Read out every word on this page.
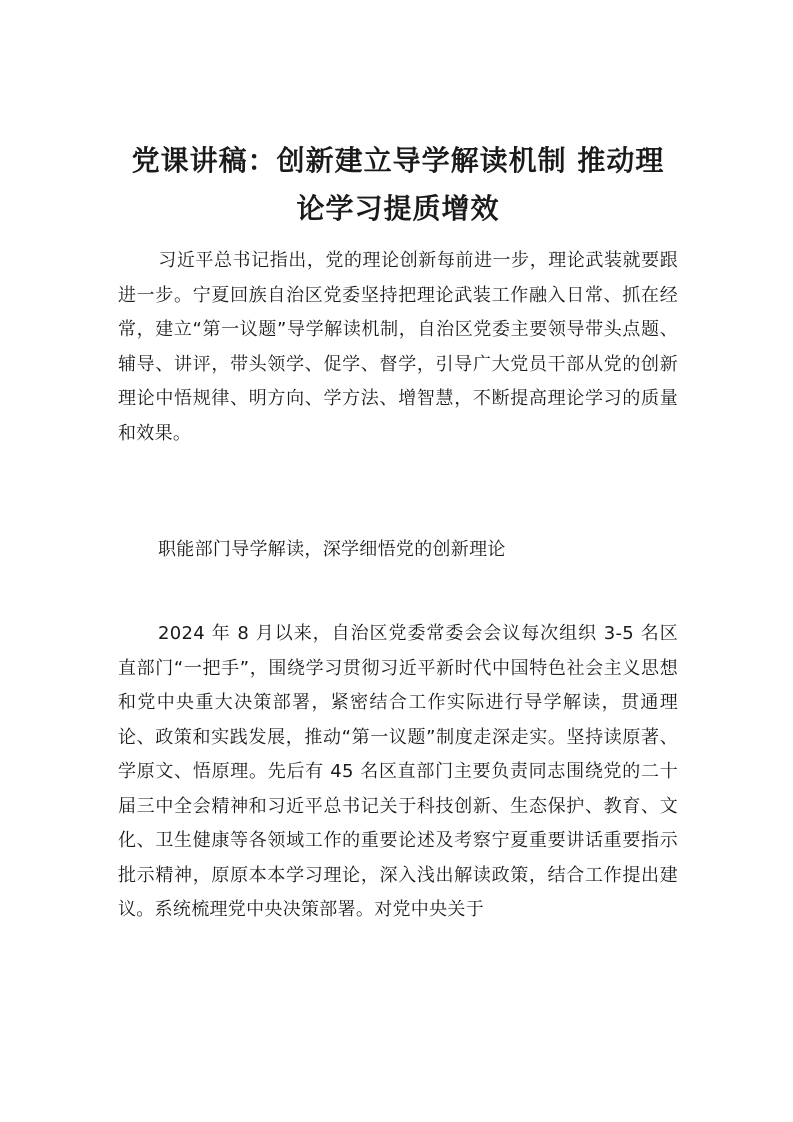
党课讲稿：创新建立导学解读机制 推动理
论学习提质增效

习近平总书记指出，党的理论创新每前进一步，理论武装就要跟进一步。宁夏回族自治区党委坚持把理论武装工作融入日常、抓在经常，建立“第一议题”导学解读机制，自治区党委主要领导带头点题、辅导、讲评，带头领学、促学、督学，引导广大党员干部从党的创新理论中悟规律、明方向、学方法、增智慧，不断提高理论学习的质量和效果。

职能部门导学解读，深学细悟党的创新理论

2024 年 8 月以来，自治区党委常委会会议每次组织 3-5 名区直部门“一把手”，围绕学习贯彻习近平新时代中国特色社会主义思想和党中央重大决策部署，紧密结合工作实际进行导学解读，贯通理论、政策和实践发展，推动“第一议题”制度走深走实。坚持读原著、学原文、悟原理。先后有 45 名区直部门主要负责同志围绕党的二十届三中全会精神和习近平总书记关于科技创新、生态保护、教育、文化、卫生健康等各领域工作的重要论述及考察宁夏重要讲话重要指示批示精神，原原本本学习理论，深入浅出解读政策，结合工作提出建议。系统梳理党中央决策部署。对党中央关于
